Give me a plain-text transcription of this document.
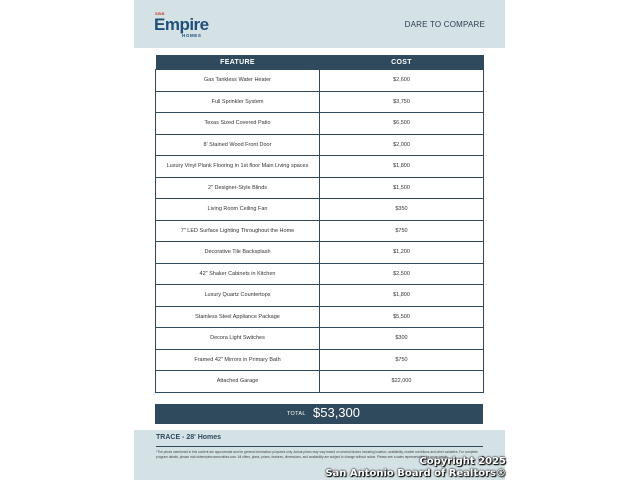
SBB
Empire
HOMES
DARE TO COMPARE
FEATURE	COST
Gas Tankless Water Heater	$2,600
Full Sprinkler System	$3,750
Texas Sized Covered Patio	$6,500
8' Stained Wood Front Door	$2,000
Luxury Vinyl Plank Flooring in 1st floor Main Living spaces	$1,800
2" Designer-Style Blinds	$1,500
Living Room Ceiling Fan	$350
7" LED Surface Lighting Throughout the Home	$750
Decorative Tile Backsplash	$1,200
42" Shaker Cabinets in Kitchen	$2,500
Luxury Quartz Countertops	$1,800
Stainless Steel Appliance Package	$5,500
Decora Light Switches	$300
Framed 42" Mirrors in Primary Bath	$750
Attached Garage	$22,000
TOTAL $53,300
TRACE - 28' Homes
*The prices mentioned in this content are approximate and for general information purposes only. Actual prices may vary based on several factors including location, availability, market conditions and other variables. For complete program details, please visit sbbempirecommunities.com. All offers, plans, prices, features, dimensions, and availability are subject to change without notice. Please see a sales representative for more details.
Copyright 2025
San Antonio Board of Realtors®
